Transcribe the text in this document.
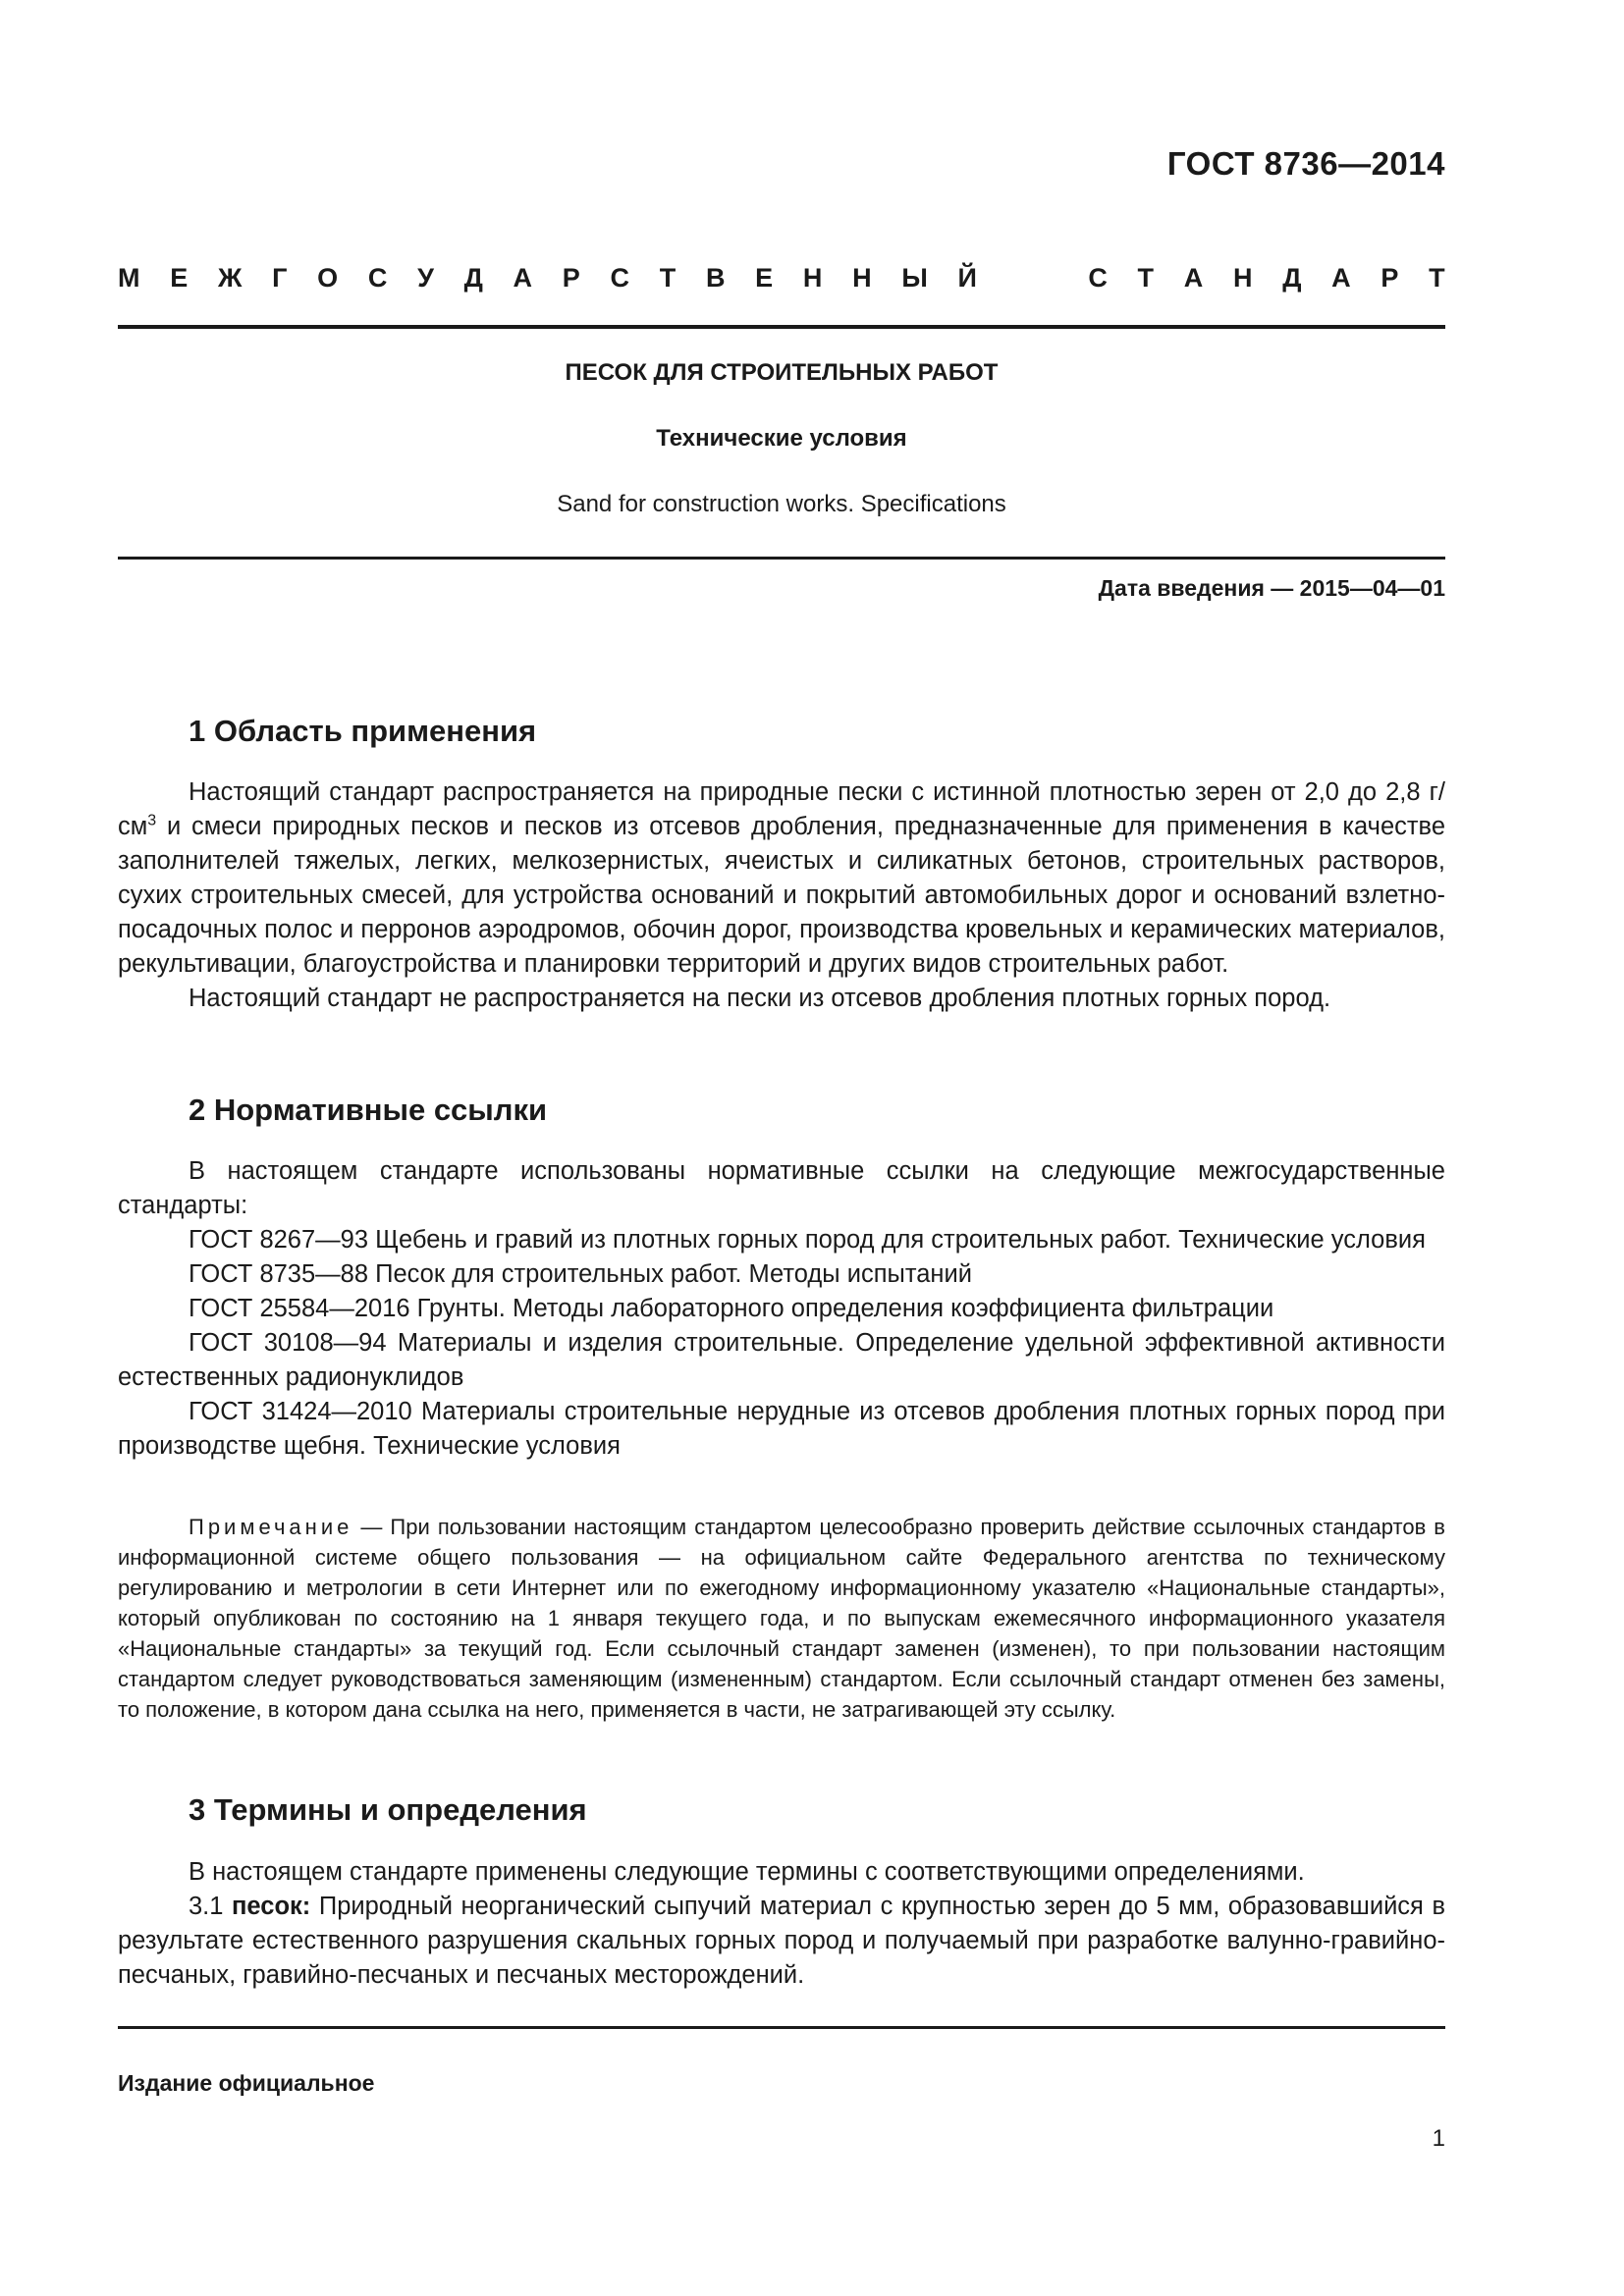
ГОСТ 8736—2014
М Е Ж Г О С У Д А Р С Т В Е Н Н Ы Й	С Т А Н Д А Р Т
ПЕСОК ДЛЯ СТРОИТЕЛЬНЫХ РАБОТ
Технические условия
Sand for construction works. Specifications
Дата введения — 2015—04—01
1 Область применения
Настоящий стандарт распространяется на природные пески с истинной плотностью зерен от 2,0 до 2,8 $г/см^3$ и смеси природных песков и песков из отсевов дробления, предназначенные для применения в качестве заполнителей тяжелых, легких, мелкозернистых, ячеистых и силикатных бетонов, строительных растворов, сухих строительных смесей, для устройства оснований и покрытий автомобильных дорог и оснований взлетно-посадочных полос и перронов аэродромов, обочин дорог, производства кровельных и керамических материалов, рекультивации, благоустройства и планировки территорий и других видов строительных работ.
Настоящий стандарт не распространяется на пески из отсевов дробления плотных горных пород.
2 Нормативные ссылки
В настоящем стандарте использованы нормативные ссылки на следующие межгосударственные стандарты:
ГОСТ 8267—93 Щебень и гравий из плотных горных пород для строительных работ. Технические условия
ГОСТ 8735—88 Песок для строительных работ. Методы испытаний
ГОСТ 25584—2016 Грунты. Методы лабораторного определения коэффициента фильтрации
ГОСТ 30108—94 Материалы и изделия строительные. Определение удельной эффективной активности естественных радионуклидов
ГОСТ 31424—2010 Материалы строительные нерудные из отсевов дробления плотных горных пород при производстве щебня. Технические условия
Примечание — При пользовании настоящим стандартом целесообразно проверить действие ссылочных стандартов в информационной системе общего пользования — на официальном сайте Федерального агентства по техническому регулированию и метрологии в сети Интернет или по ежегодному информационному указателю «Национальные стандарты», который опубликован по состоянию на 1 января текущего года, и по выпускам ежемесячного информационного указателя «Национальные стандарты» за текущий год. Если ссылочный стандарт заменен (изменен), то при пользовании настоящим стандартом следует руководствоваться заменяющим (измененным) стандартом. Если ссылочный стандарт отменен без замены, то положение, в котором дана ссылка на него, применяется в части, не затрагивающей эту ссылку.
3 Термины и определения
В настоящем стандарте применены следующие термины с соответствующими определениями.
3.1 песок: Природный неорганический сыпучий материал с крупностью зерен до 5 мм, образовавшийся в результате естественного разрушения скальных горных пород и получаемый при разработке валунно-гравийно-песчаных, гравийно-песчаных и песчаных месторождений.
Издание официальное
1
